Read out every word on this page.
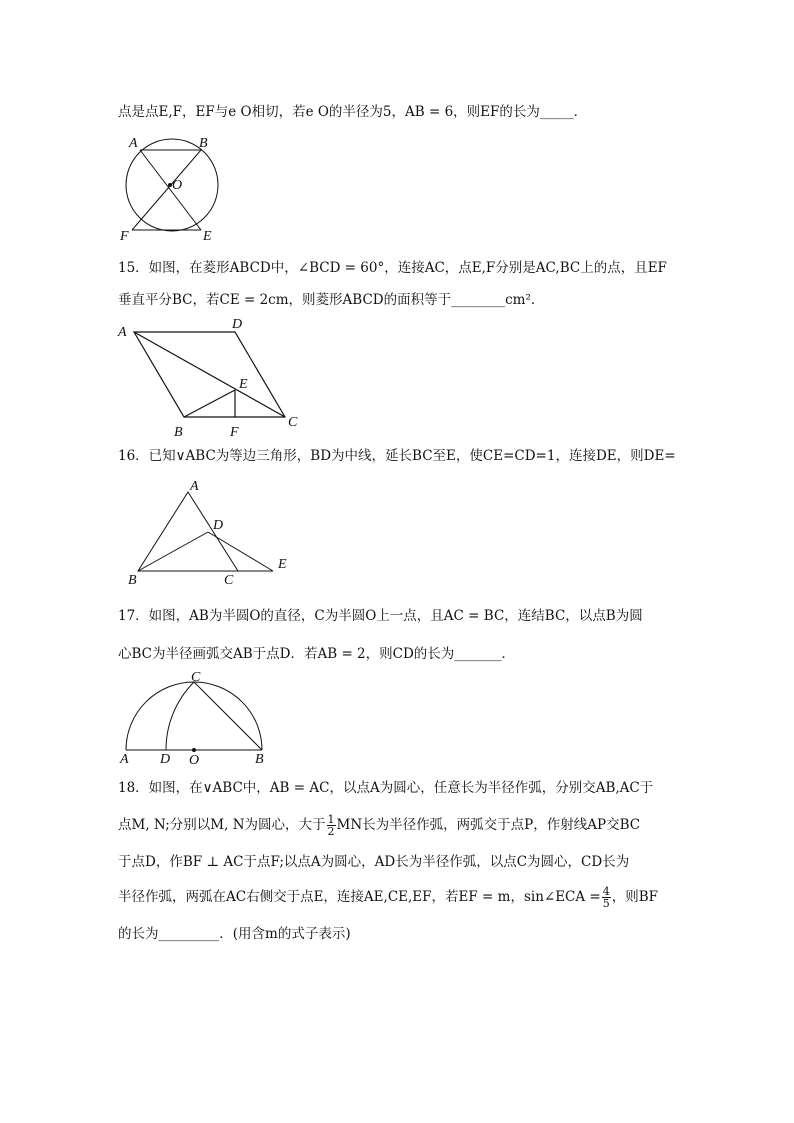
点是点E,F，EF与e O相切，若e O的半径为5，AB = 6，则EF的长为_____．
A	B
O
F	E
15．如图，在菱形ABCD中，∠BCD = 60°，连接AC，点E,F分别是AC,BC上的点，且EF
垂直平分BC，若CE = 2cm，则菱形ABCD的面积等于________cm²．
A
D
E
B	F
C
16．已知∨ABC为等边三角形，BD为中线，延长BC至E，使CE=CD=1，连接DE，则DE=
A
D
B	C
E
17．如图，AB为半圆O的直径，C为半圆O上一点，且AC = BC，连结BC，以点B为圆
心BC为半径画弧交AB于点D．若AB = 2，则CD的长为_______．
C
A D O	B
18．如图，在∨ABC中，AB = AC，以点A为圆心，任意长为半径作弧，分别交AB,AC于
点M, N;分别以M, N为圆心，大于 $\frac{1}{2}$ MN长为半径作弧，两弧交于点P，作射线AP交BC
于点D，作BF ⊥ AC于点F;以点A为圆心，AD长为半径作弧，以点C为圆心，CD长为
半径作弧，两弧在AC右侧交于点E，连接AE,CE,EF，若EF = m，sin∠ECA = $\frac{4}{5}$ ，则BF
的长为_________．(用含m的式子表示)
